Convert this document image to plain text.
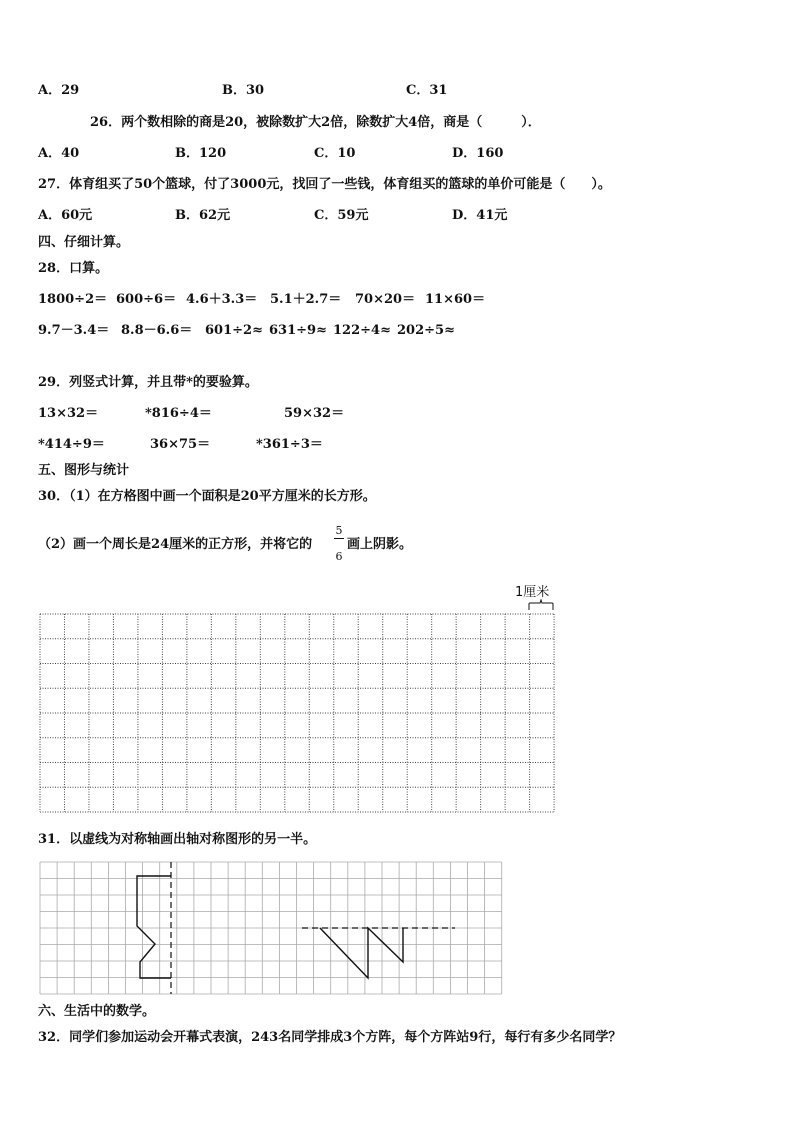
A．29	B．30	C．31
26．两个数相除的商是20，被除数扩大2倍，除数扩大4倍，商是（　　　）．
A．40	B．120	C．10	D．160
27．体育组买了50个篮球，付了3000元，找回了一些钱，体育组买的篮球的单价可能是（　　）。
A．60元	B．62元	C．59元	D．41元
四、仔细计算。
28．口算。
1800÷2＝ 600÷6＝ 4.6＋3.3＝ 5.1＋2.7＝ 70×20＝ 11×60＝
9.7－3.4＝ 8.8－6.6＝ 601÷2≈ 631÷9≈ 122÷4≈ 202÷5≈
29．列竖式计算，并且带*的要验算。
13×32＝	*816÷4＝	59×32＝
*414÷9＝	36×75＝	*361÷3＝
五、图形与统计
30．（1）在方格图中画一个面积是20平方厘米的长方形。
（2）画一个周长是24厘米的正方形，并将它的
5
6
画上阴影。
1厘米
31．以虚线为对称轴画出轴对称图形的另一半。
六、生活中的数学。
32．同学们参加运动会开幕式表演，243名同学排成3个方阵，每个方阵站9行，每行有多少名同学？
